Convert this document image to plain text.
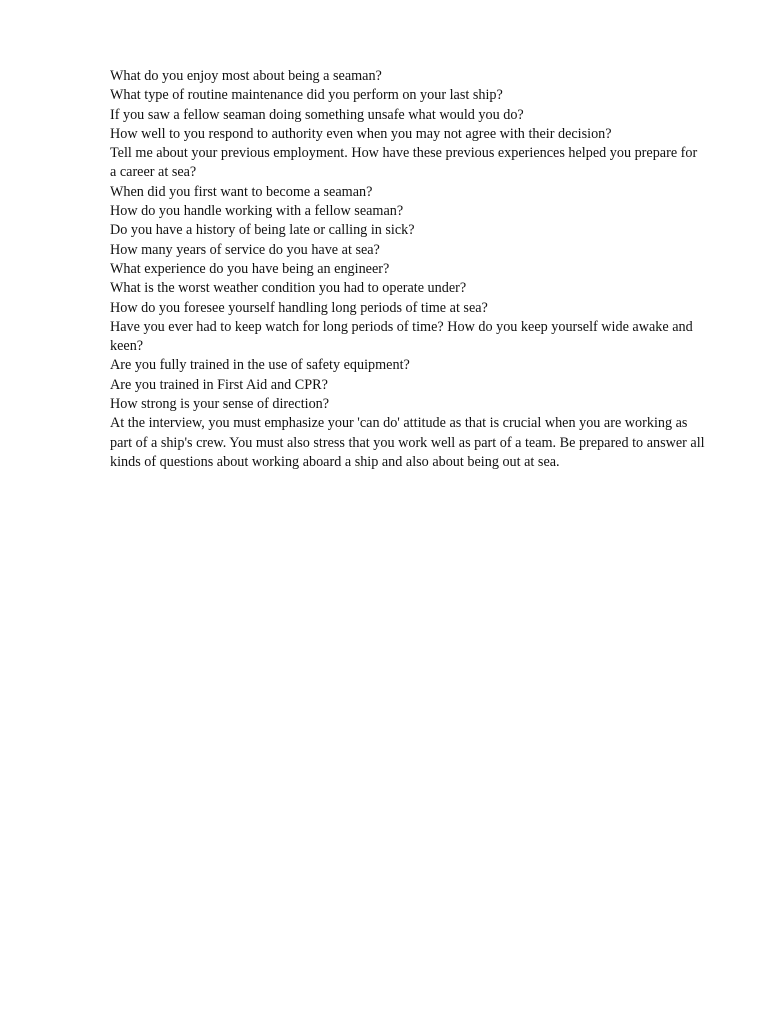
What do you enjoy most about being a seaman?

What type of routine maintenance did you perform on your last ship?

If you saw a fellow seaman doing something unsafe what would you do?

How well to you respond to authority even when you may not agree with their decision?

Tell me about your previous employment. How have these previous experiences helped you prepare for a career at sea?

When did you first want to become a seaman?

How do you handle working with a fellow seaman?

Do you have a history of being late or calling in sick?

How many years of service do you have at sea?

What experience do you have being an engineer?

What is the worst weather condition you had to operate under?

How do you foresee yourself handling long periods of time at sea?

Have you ever had to keep watch for long periods of time? How do you keep yourself wide awake and keen?

Are you fully trained in the use of safety equipment?

Are you trained in First Aid and CPR?

How strong is your sense of direction?

At the interview, you must emphasize your 'can do' attitude as that is crucial when you are working as part of a ship's crew. You must also stress that you work well as part of a team. Be prepared to answer all kinds of questions about working aboard a ship and also about being out at sea.
